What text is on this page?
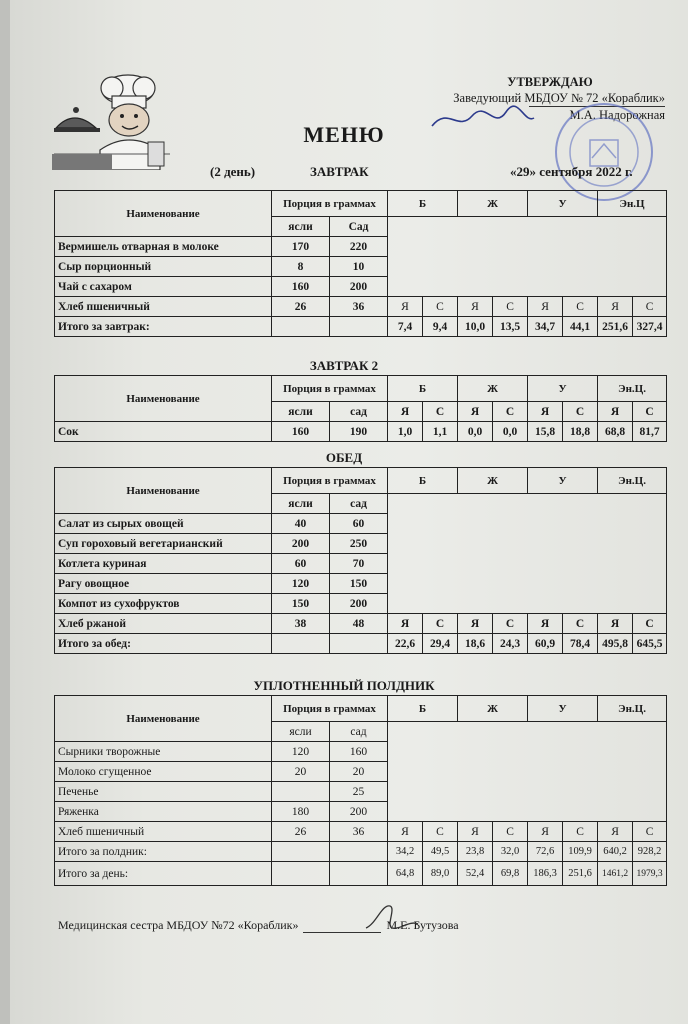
УТВЕРЖДАЮ
Заведующий МБДОУ № 72 «Кораблик»
М.А. Надорожная
МЕНЮ
(2 день)	ЗАВТРАК	«29» сентября 2022 г.
Наименование	Порция в граммах		Б		Ж		У		Эн.Ц	
	ясли	Сад								
Вермишель отварная в молоке	170	220								
Сыр порционный	8	10								
Чай с сахаром	160	200								
Хлеб пшеничный	26	36	Я	С	Я	С	Я	С	Я	С
Итого за завтрак:			7,4	9,4	10,0	13,5	34,7	44,1	251,6	327,4
ЗАВТРАК 2
Наименование	Порция в граммах		Б		Ж		У		Эн.Ц.	
	ясли	сад	Я	С	Я	С	Я	С	Я	С
Сок	160	190	1,0	1,1	0,0	0,0	15,8	18,8	68,8	81,7
ОБЕД
Наименование	Порция в граммах		Б		Ж		У		Эн.Ц.	
	ясли	сад								
Салат из сырых овощей	40	60								
Суп гороховый вегетарианский	200	250								
Котлета куриная	60	70								
Рагу овощное	120	150								
Компот из сухофруктов	150	200								
Хлеб ржаной	38	48	Я	С	Я	С	Я	С	Я	С
Итого за обед:			22,6	29,4	18,6	24,3	60,9	78,4	495,8	645,5
УПЛОТНЕННЫЙ ПОЛДНИК
Наименование	Порция в граммах		Б		Ж		У		Эн.Ц.	
	ясли	сад								
Сырники творожные	120	160								
Молоко сгущенное	20	20								
Печенье		25								
Ряженка	180	200								
Хлеб пшеничный	26	36	Я	С	Я	С	Я	С	Я	С
Итого за полдник:			34,2	49,5	23,8	32,0	72,6	109,9	640,2	928,2
Итого за день:			64,8	89,0	52,4	69,8	186,3	251,6	1461,2	1979,3
Медицинская сестра МБДОУ №72 «Кораблик»	М.Е. Бутузова
